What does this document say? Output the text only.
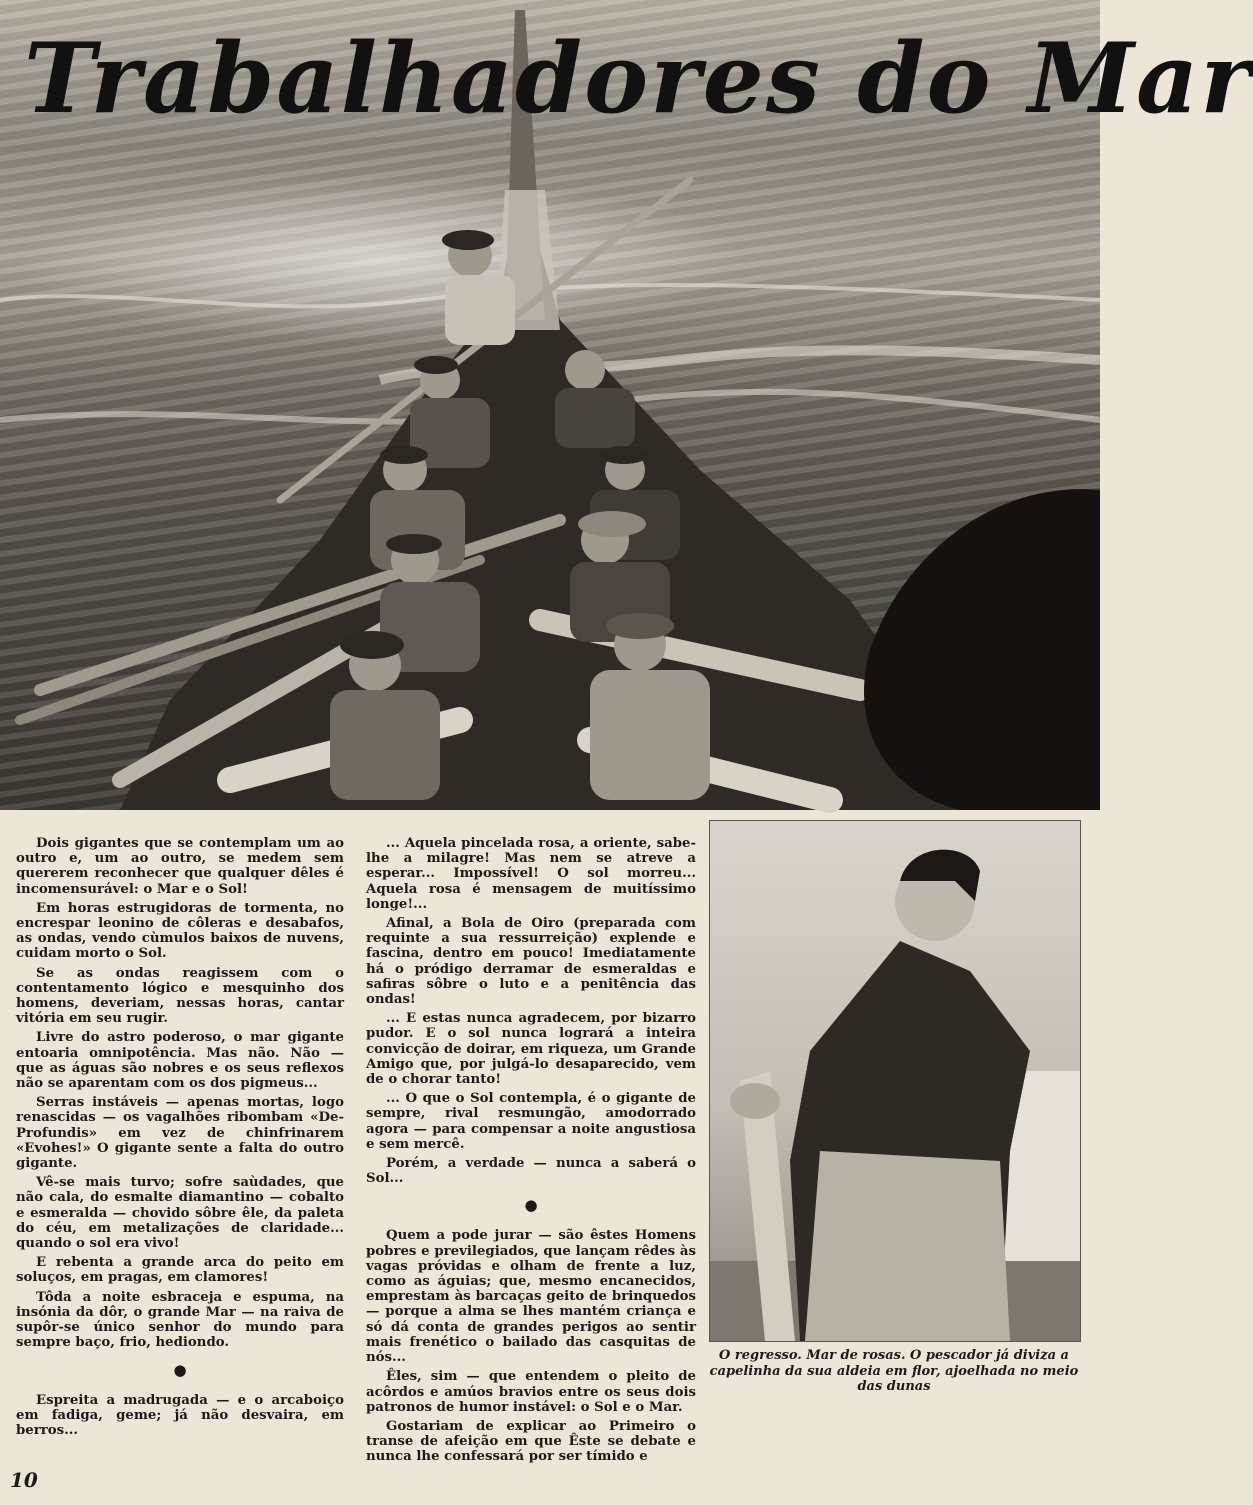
Trabalhadores do Mar

Dois gigantes que se contemplam um ao outro e, um ao outro, se medem sem quererem reconhecer que qualquer dêles é incomensurável: o Mar e o Sol!

Em horas estrugidoras de tormenta, no encrespar leonino de côleras e desabafos, as ondas, vendo cùmulos baixos de nuvens, cuidam morto o Sol.

Se as ondas reagissem com o contentamento lógico e mesquinho dos homens, deveriam, nessas horas, cantar vitória em seu rugir.

Livre do astro poderoso, o mar gigante entoaria omnipotência. Mas não. Não — que as águas são nobres e os seus reflexos não se aparentam com os dos pigmeus...

Serras instáveis — apenas mortas, logo renascidas — os vagalhões ribombam «De-Profundis» em vez de chinfrinarem «Evohes!» O gigante sente a falta do outro gigante.

Vê-se mais turvo; sofre saùdades, que não cala, do esmalte diamantino — cobalto e esmeralda — chovido sôbre êle, da paleta do céu, em metalizações de claridade... quando o sol era vivo!

E rebenta a grande arca do peito em soluços, em pragas, em clamores!

Tôda a noite esbraceja e espuma, na insónia da dôr, o grande Mar — na raiva de supôr-se único senhor do mundo para sempre baço, frio, hediondo.

●

Espreita a madrugada — e o arcaboiço em fadiga, geme; já não desvaira, em berros...

... Aquela pincelada rosa, a oriente, sabe-lhe a milagre! Mas nem se atreve a esperar... Impossível! O sol morreu... Aquela rosa é mensagem de muitíssimo longe!...

Afinal, a Bola de Oiro (preparada com requinte a sua ressurreição) explende e fascina, dentro em pouco! Imediatamente há o pródigo derramar de esmeraldas e safiras sôbre o luto e a penitência das ondas!

... E estas nunca agradecem, por bizarro pudor. E o sol nunca logrará a inteira convicção de doirar, em riqueza, um Grande Amigo que, por julgá-lo desaparecido, vem de o chorar tanto!

... O que o Sol contempla, é o gigante de sempre, rival resmungão, amodorrado agora — para compensar a noite angustiosa e sem mercê.

Porém, a verdade — nunca a saberá o Sol...

●

Quem a pode jurar — são êstes Homens pobres e previlegiados, que lançam rêdes às vagas próvidas e olham de frente a luz, como as águias; que, mesmo encanecidos, emprestam às barcaças geito de brinquedos — porque a alma se lhes mantém criança e só dá conta de grandes perigos ao sentir mais frenético o bailado das casquitas de nós...

Êles, sim — que entendem o pleito de acôrdos e amúos bravios entre os seus dois patronos de humor instável: o Sol e o Mar.

Gostariam de explicar ao Primeiro o transe de afeição em que Êste se debate e nunca lhe confessará por ser tímido e

O regresso. Mar de rosas. O pescador já diviza a capelinha da sua aldeia em flor, ajoelhada no meio das dunas
10
